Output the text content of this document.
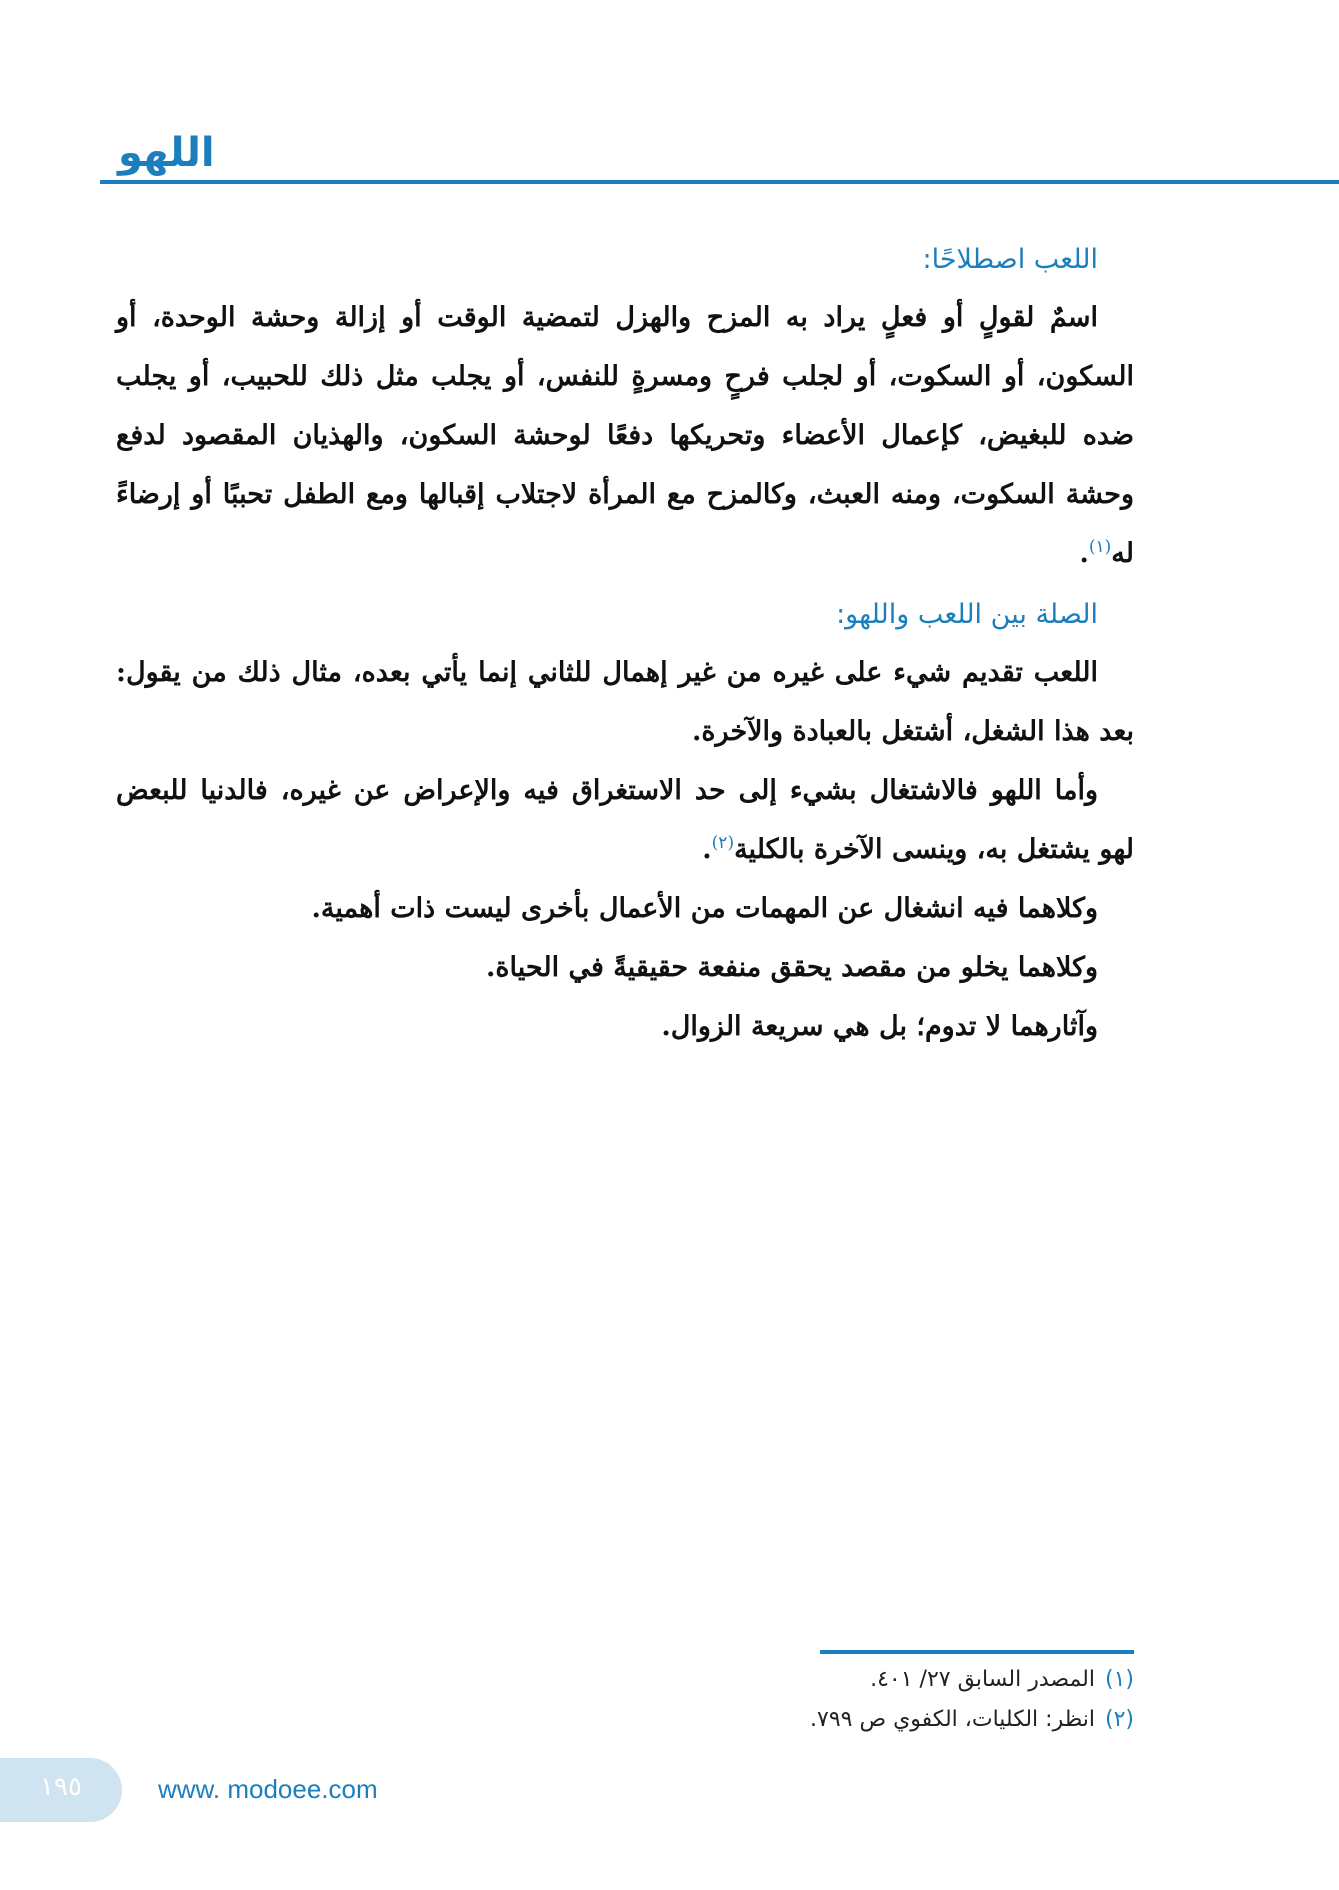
اللهو

اللعب اصطلاحًا:

اسمٌ لقولٍ أو فعلٍ يراد به المزح والهزل لتمضية الوقت أو إزالة وحشة الوحدة، أو السكون، أو السكوت، أو لجلب فرحٍ ومسرةٍ للنفس، أو يجلب مثل ذلك للحبيب، أو يجلب ضده للبغيض، كإعمال الأعضاء وتحريكها دفعًا لوحشة السكون، والهذيان المقصود لدفع وحشة السكوت، ومنه العبث، وكالمزح مع المرأة لاجتلاب إقبالها ومع الطفل تحببًا أو إرضاءً له$^{(١)}$.

الصلة بين اللعب واللهو:

اللعب تقديم شيء على غيره من غير إهمال للثاني إنما يأتي بعده، مثال ذلك من يقول: بعد هذا الشغل، أشتغل بالعبادة والآخرة.

وأما اللهو فالاشتغال بشيء إلى حد الاستغراق فيه والإعراض عن غيره، فالدنيا للبعض لهو يشتغل به، وينسى الآخرة بالكلية$^{(٢)}$.

وكلاهما فيه انشغال عن المهمات من الأعمال بأخرى ليست ذات أهمية.

وكلاهما يخلو من مقصد يحقق منفعة حقيقيةً في الحياة.

وآثارهما لا تدوم؛ بل هي سريعة الزوال.

(١)المصدر السابق ٢٧/ ٤٠١.

(٢)انظر: الكليات، الكفوي ص ٧٩٩.

١٩٥	www. modoee.com
